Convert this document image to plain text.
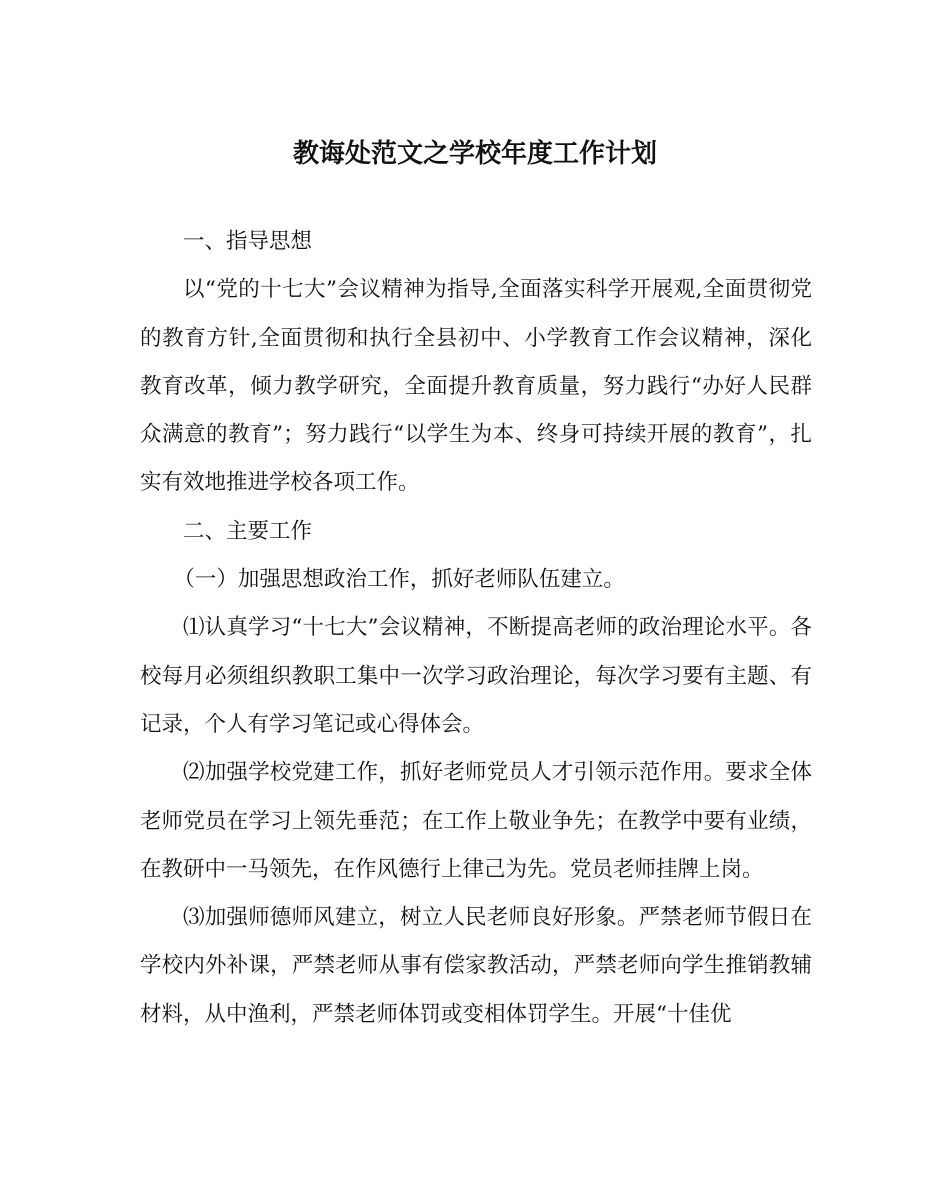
教诲处范文之学校年度工作计划

一、指导思想

以“党的十七大”会议精神为指导,全面落实科学开展观,全面贯彻党的教育方针,全面贯彻和执行全县初中、小学教育工作会议精神，深化教育改革，倾力教学研究，全面提升教育质量，努力践行“办好人民群众满意的教育”；努力践行“以学生为本、终身可持续开展的教育”，扎实有效地推进学校各项工作。

二、主要工作

（一）加强思想政治工作，抓好老师队伍建立。

⑴认真学习“十七大”会议精神，不断提高老师的政治理论水平。各校每月必须组织教职工集中一次学习政治理论，每次学习要有主题、有记录，个人有学习笔记或心得体会。

⑵加强学校党建工作，抓好老师党员人才引领示范作用。要求全体老师党员在学习上领先垂范；在工作上敬业争先；在教学中要有业绩，在教研中一马领先，在作风德行上律己为先。党员老师挂牌上岗。

⑶加强师德师风建立，树立人民老师良好形象。严禁老师节假日在学校内外补课，严禁老师从事有偿家教活动，严禁老师向学生推销教辅材料，从中渔利，严禁老师体罚或变相体罚学生。开展“十佳优
